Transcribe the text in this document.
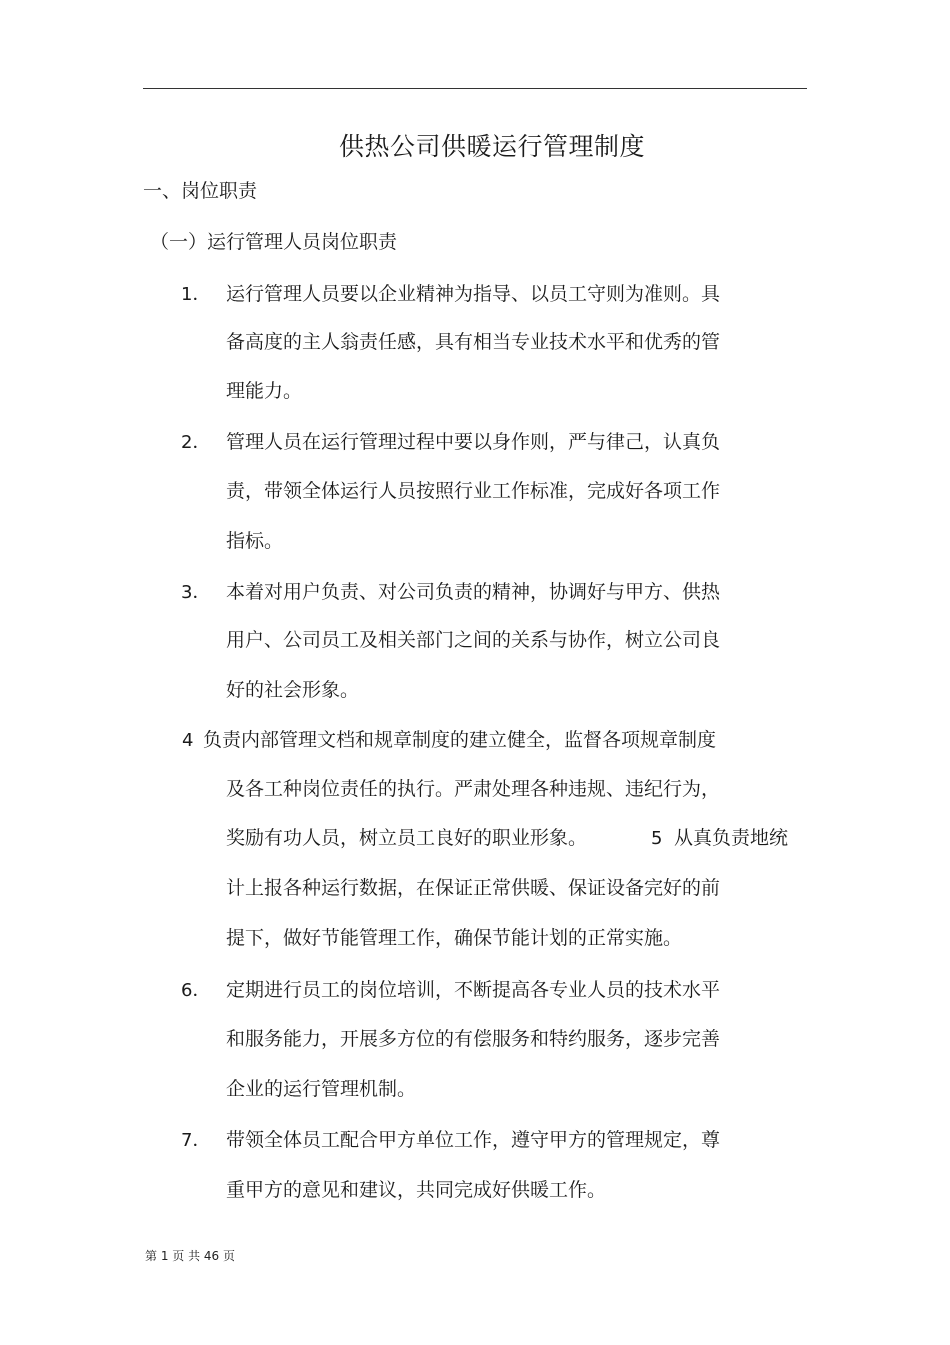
供热公司供暖运行管理制度
一、岗位职责
（一）运行管理人员岗位职责
1． 运行管理人员要以企业精神为指导、以员工守则为准则。具
备高度的主人翁责任感，具有相当专业技术水平和优秀的管
理能力。
2． 管理人员在运行管理过程中要以身作则，严与律己，认真负
责，带领全体运行人员按照行业工作标准，完成好各项工作
指标。
3． 本着对用户负责、对公司负责的精神，协调好与甲方、供热
用户、公司员工及相关部门之间的关系与协作，树立公司良
好的社会形象。
4 负责内部管理文档和规章制度的建立健全，监督各项规章制度
及各工种岗位责任的执行。严肃处理各种违规、违纪行为，
奖励有功人员，树立员工良好的职业形象。	5 从真负责地统
计上报各种运行数据，在保证正常供暖、保证设备完好的前
提下，做好节能管理工作，确保节能计划的正常实施。
6． 定期进行员工的岗位培训，不断提高各专业人员的技术水平
和服务能力，开展多方位的有偿服务和特约服务，逐步完善
企业的运行管理机制。
7． 带领全体员工配合甲方单位工作，遵守甲方的管理规定，尊
重甲方的意见和建议，共同完成好供暖工作。
第 1 页 共 46 页
